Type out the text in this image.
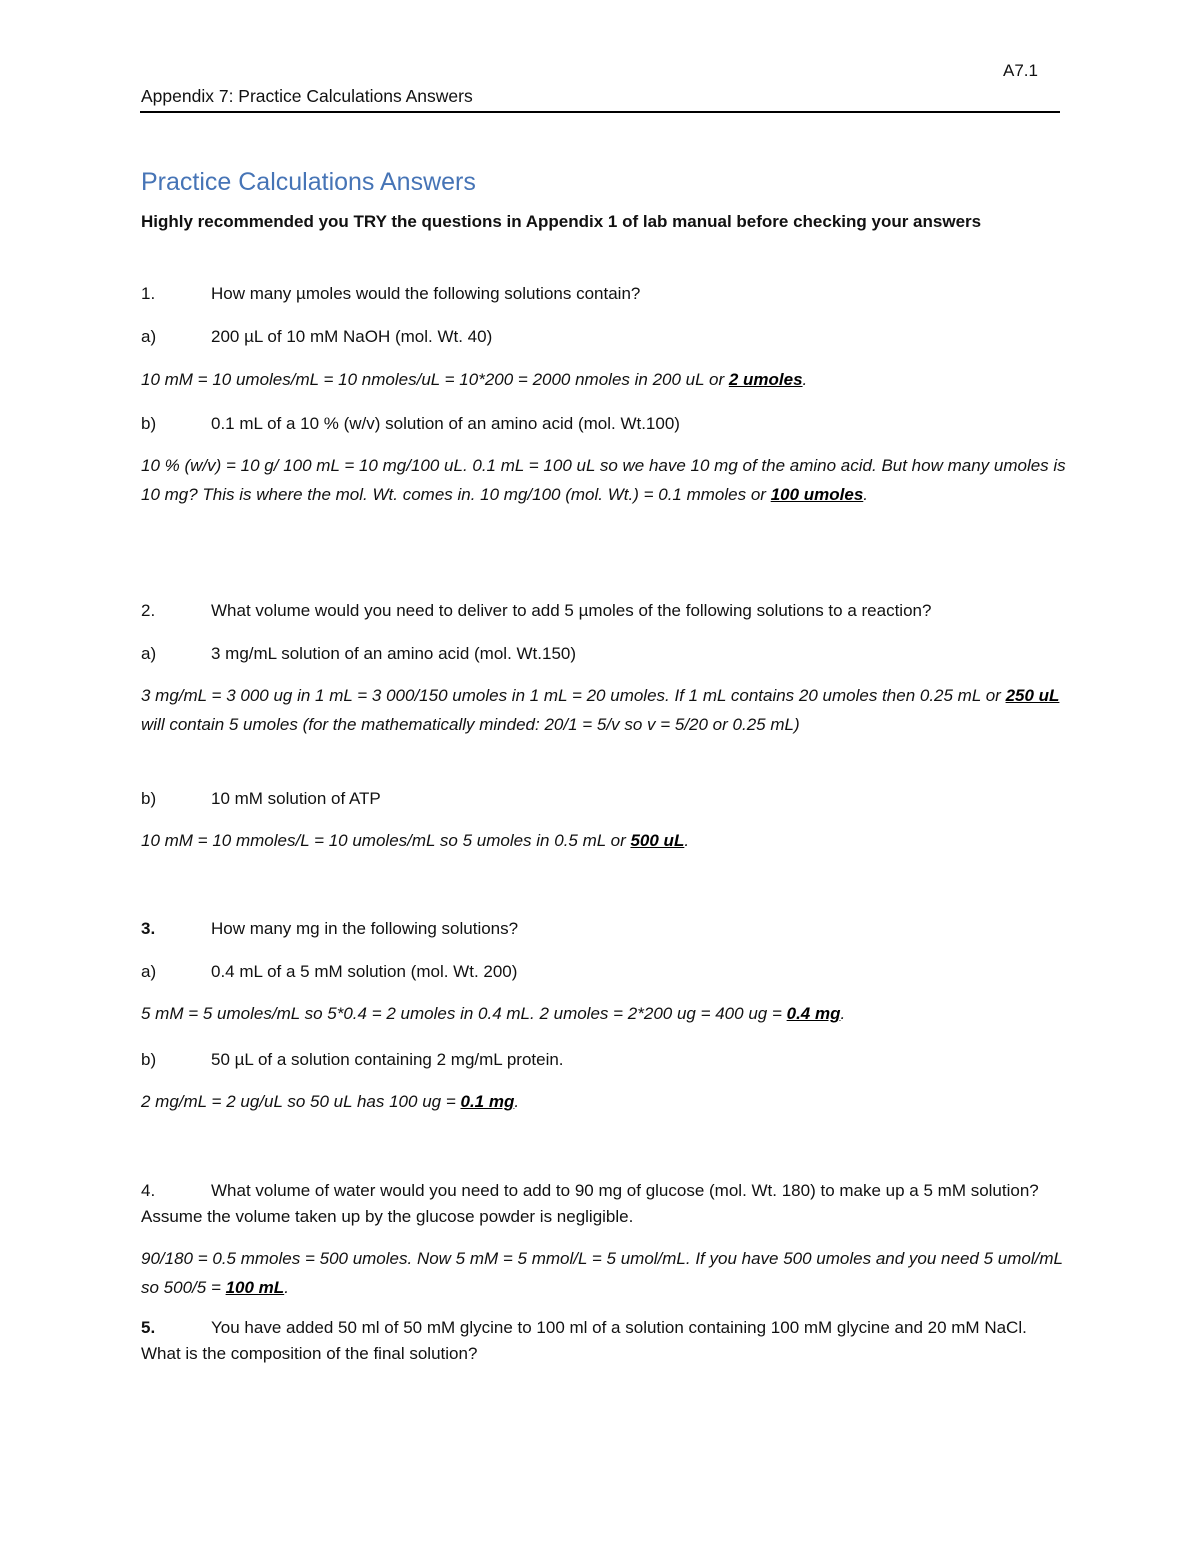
A7.1
Appendix 7: Practice Calculations Answers
Practice Calculations Answers
Highly recommended you TRY the questions in Appendix 1 of lab manual before checking your answers
1.	How many µmoles would the following solutions contain?
a)	200 µL of 10 mM NaOH (mol. Wt. 40)
10 mM = 10 umoles/mL = 10 nmoles/uL = 10*200 = 2000 nmoles in 200 uL or 2 umoles.
b)	0.1 mL of a 10 % (w/v) solution of an amino acid (mol. Wt.100)
10 % (w/v) = 10 g/ 100 mL = 10 mg/100 uL. 0.1 mL = 100 uL so we have 10 mg of the amino acid. But how many umoles is 10 mg? This is where the mol. Wt. comes in. 10 mg/100 (mol. Wt.) = 0.1 mmoles or 100 umoles.
2.	What volume would you need to deliver to add 5 µmoles of the following solutions to a reaction?
a)	3 mg/mL solution of an amino acid (mol. Wt.150)
3 mg/mL = 3 000 ug in 1 mL = 3 000/150 umoles in 1 mL = 20 umoles. If 1 mL contains 20 umoles then 0.25 mL or 250 uL will contain 5 umoles (for the mathematically minded: 20/1 = 5/v so v = 5/20 or 0.25 mL)
b)	10 mM solution of ATP
10 mM = 10 mmoles/L = 10 umoles/mL so 5 umoles in 0.5 mL or 500 uL.
3.	How many mg in the following solutions?
a)	0.4 mL of a 5 mM solution (mol. Wt. 200)
5 mM = 5 umoles/mL so 5*0.4 = 2 umoles in 0.4 mL. 2 umoles = 2*200 ug = 400 ug = 0.4 mg.
b)	50 µL of a solution containing 2 mg/mL protein.
2 mg/mL = 2 ug/uL so 50 uL has 100 ug = 0.1 mg.
4.	What volume of water would you need to add to 90 mg of glucose (mol. Wt. 180) to make up a 5 mM solution? Assume the volume taken up by the glucose powder is negligible.
90/180 = 0.5 mmoles = 500 umoles. Now 5 mM = 5 mmol/L = 5 umol/mL. If you have 500 umoles and you need 5 umol/mL so 500/5 = 100 mL.
5.	You have added 50 ml of 50 mM glycine to 100 ml of a solution containing 100 mM glycine and 20 mM NaCl. What is the composition of the final solution?
